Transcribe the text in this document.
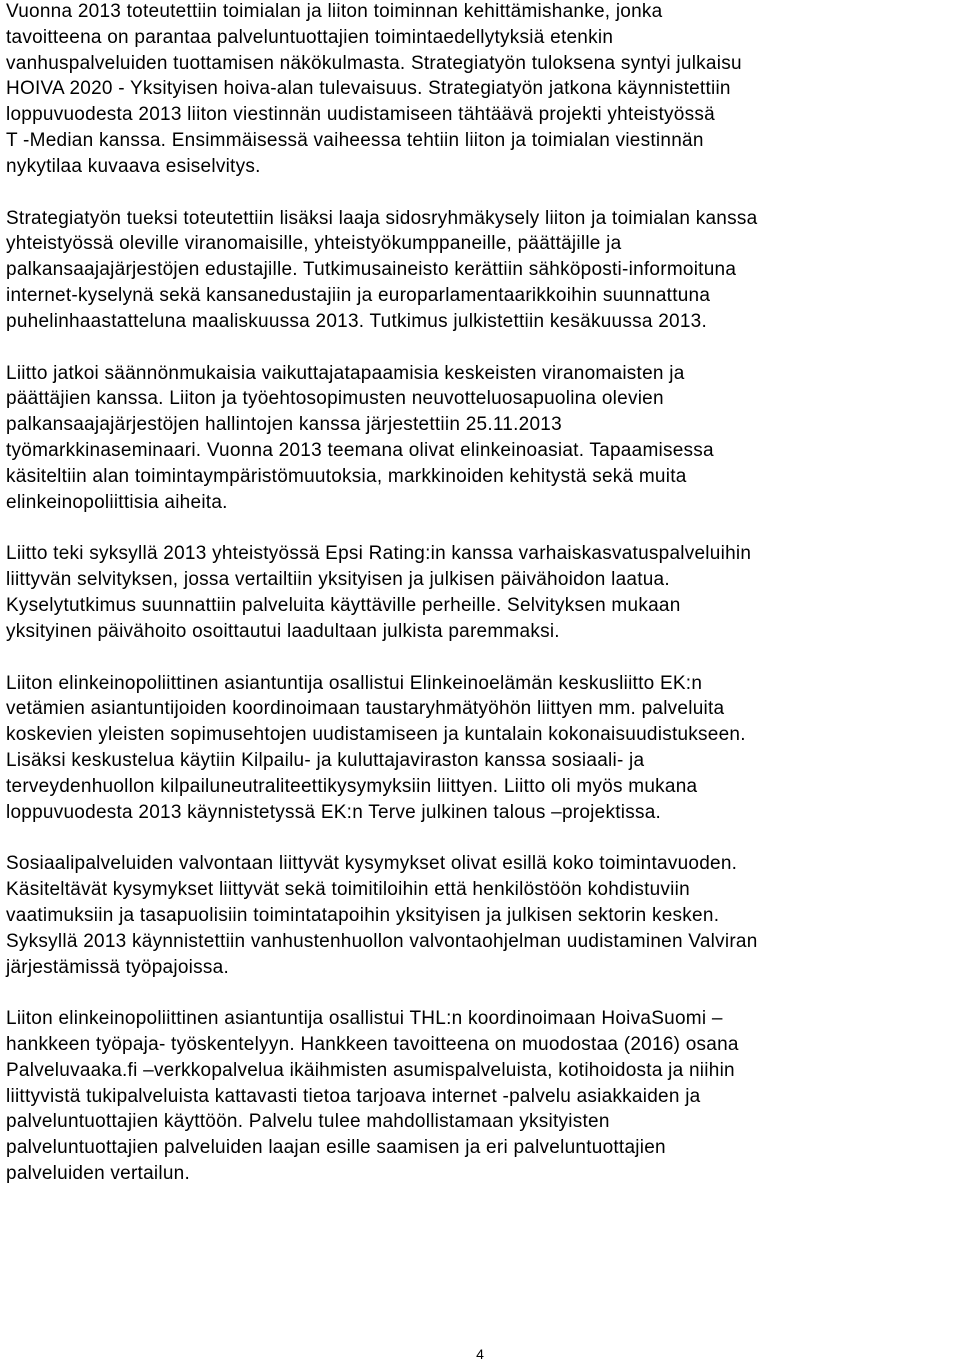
Vuonna 2013 toteutettiin toimialan ja liiton toiminnan kehittämishanke, jonka
tavoitteena on parantaa palveluntuottajien toimintaedellytyksiä etenkin
vanhuspalveluiden tuottamisen näkökulmasta. Strategiatyön tuloksena syntyi julkaisu
HOIVA 2020 - Yksityisen hoiva-alan tulevaisuus. Strategiatyön jatkona käynnistettiin
loppuvuodesta 2013 liiton viestinnän uudistamiseen tähtäävä projekti yhteistyössä
T -Median kanssa. Ensimmäisessä vaiheessa tehtiin liiton ja toimialan viestinnän
nykytilaa kuvaava esiselvitys.

Strategiatyön tueksi toteutettiin lisäksi laaja sidosryhmäkysely liiton ja toimialan kanssa
yhteistyössä oleville viranomaisille, yhteistyökumppaneille, päättäjille ja
palkansaajajärjestöjen edustajille. Tutkimusaineisto kerättiin sähköposti-informoituna
internet-kyselynä sekä kansanedustajiin ja europarlamentaarikkoihin suunnattuna
puhelinhaastatteluna maaliskuussa 2013. Tutkimus julkistettiin kesäkuussa 2013.

Liitto jatkoi säännönmukaisia vaikuttajatapaamisia keskeisten viranomaisten ja
päättäjien kanssa. Liiton ja työehtosopimusten neuvotteluosapuolina olevien
palkansaajajärjestöjen hallintojen kanssa järjestettiin 25.11.2013
työmarkkinaseminaari. Vuonna 2013 teemana olivat elinkeinoasiat. Tapaamisessa
käsiteltiin alan toimintaympäristömuutoksia, markkinoiden kehitystä sekä muita
elinkeinopoliittisia aiheita.

Liitto teki syksyllä 2013 yhteistyössä Epsi Rating:in kanssa varhaiskasvatuspalveluihin
liittyvän selvityksen, jossa vertailtiin yksityisen ja julkisen päivähoidon laatua.
Kyselytutkimus suunnattiin palveluita käyttäville perheille. Selvityksen mukaan
yksityinen päivähoito osoittautui laadultaan julkista paremmaksi.

Liiton elinkeinopoliittinen asiantuntija osallistui Elinkeinoelämän keskusliitto EK:n
vetämien asiantuntijoiden koordinoimaan taustaryhmätyöhön liittyen mm. palveluita
koskevien yleisten sopimusehtojen uudistamiseen ja kuntalain kokonaisuudistukseen.
Lisäksi keskustelua käytiin Kilpailu- ja kuluttajaviraston kanssa sosiaali- ja
terveydenhuollon kilpailuneutraliteettikysymyksiin liittyen. Liitto oli myös mukana
loppuvuodesta 2013 käynnistetyssä EK:n Terve julkinen talous –projektissa.

Sosiaalipalveluiden valvontaan liittyvät kysymykset olivat esillä koko toimintavuoden.
Käsiteltävät kysymykset liittyvät sekä toimitiloihin että henkilöstöön kohdistuviin
vaatimuksiin ja tasapuolisiin toimintatapoihin yksityisen ja julkisen sektorin kesken.
Syksyllä 2013 käynnistettiin vanhustenhuollon valvontaohjelman uudistaminen Valviran
järjestämissä työpajoissa.

Liiton elinkeinopoliittinen asiantuntija osallistui THL:n koordinoimaan HoivaSuomi –
hankkeen työpaja- työskentelyyn. Hankkeen tavoitteena on muodostaa (2016) osana
Palveluvaaka.fi –verkkopalvelua ikäihmisten asumispalveluista, kotihoidosta ja niihin
liittyvistä tukipalveluista kattavasti tietoa tarjoava internet -palvelu asiakkaiden ja
palveluntuottajien käyttöön. Palvelu tulee mahdollistamaan yksityisten
palveluntuottajien palveluiden laajan esille saamisen ja eri palveluntuottajien
palveluiden vertailun.

4
